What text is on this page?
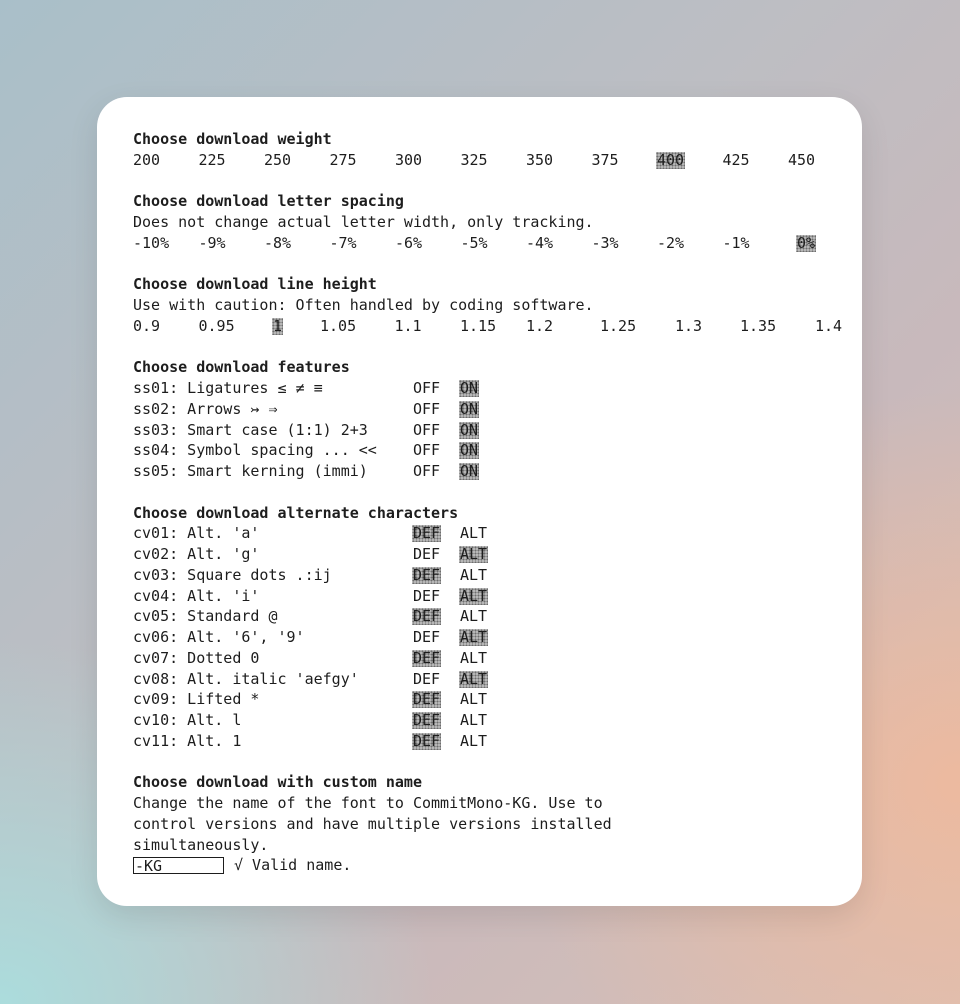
Choose download weight
200	225	250	275	300	325	350	375	400	425	450
Choose download letter spacing
Does not change actual letter width, only tracking.
-10% -9%	-8%	-7%	-6%	-5%	-4%	-3%	-2%	-1%	0%
Choose download line height
Use with caution: Often handled by coding software.
0.9	0.95	1	1.05	1.1	1.15 1.2	1.25	1.3	1.35	1.4
Choose download features
ss01: Ligatures ≤ ≠ ≡	OFF ON
ss02: Arrows ↣ ⇒	OFF ON
ss03: Smart case (1:1) 2+3	OFF ON
ss04: Symbol spacing ... << OFF ON
ss05: Smart kerning (immi)	OFF ON
Choose download alternate characters
cv01: Alt. 'a'	DEF ALT
cv02: Alt. 'g'	DEF ALT
cv03: Square dots .:ij	DEF ALT
cv04: Alt. 'i'	DEF ALT
cv05: Standard @	DEF ALT
cv06: Alt. '6', '9'	DEF ALT
cv07: Dotted 0	DEF ALT
cv08: Alt. italic 'aefgy'	DEF ALT
cv09: Lifted *	DEF ALT
cv10: Alt. l	DEF ALT
cv11: Alt. 1	DEF ALT
Choose download with custom name
Change the name of the font to CommitMono-KG. Use to
control versions and have multiple versions installed
simultaneously.

-KG

√ Valid name.
